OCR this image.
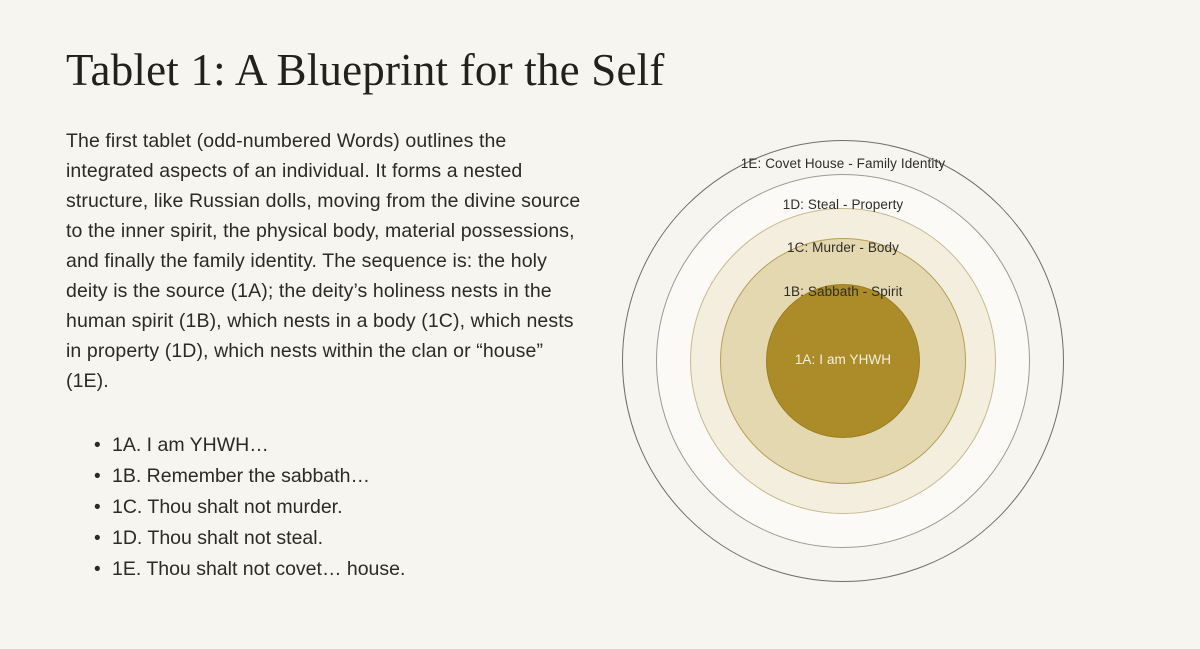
Tablet 1: A Blueprint for the Self

The first tablet (odd-numbered Words) outlines the integrated aspects of an individual. It forms a nested structure, like Russian dolls, moving from the divine source to the inner spirit, the physical body, material possessions, and finally the family identity. The sequence is: the holy deity is the source (1A); the deity’s holiness nests in the human spirit (1B), which nests in a body (1C), which nests in property (1D), which nests within the clan or “house” (1E).

• 1A. I am YHWH…
• 1B. Remember the sabbath…
• 1C. Thou shalt not murder.
• 1D. Thou shalt not steal.
• 1E. Thou shalt not covet… house.
1E: Covet House - Family Identity
1D: Steal - Property
1C: Murder - Body
1B: Sabbath - Spirit
1A: I am YHWH
